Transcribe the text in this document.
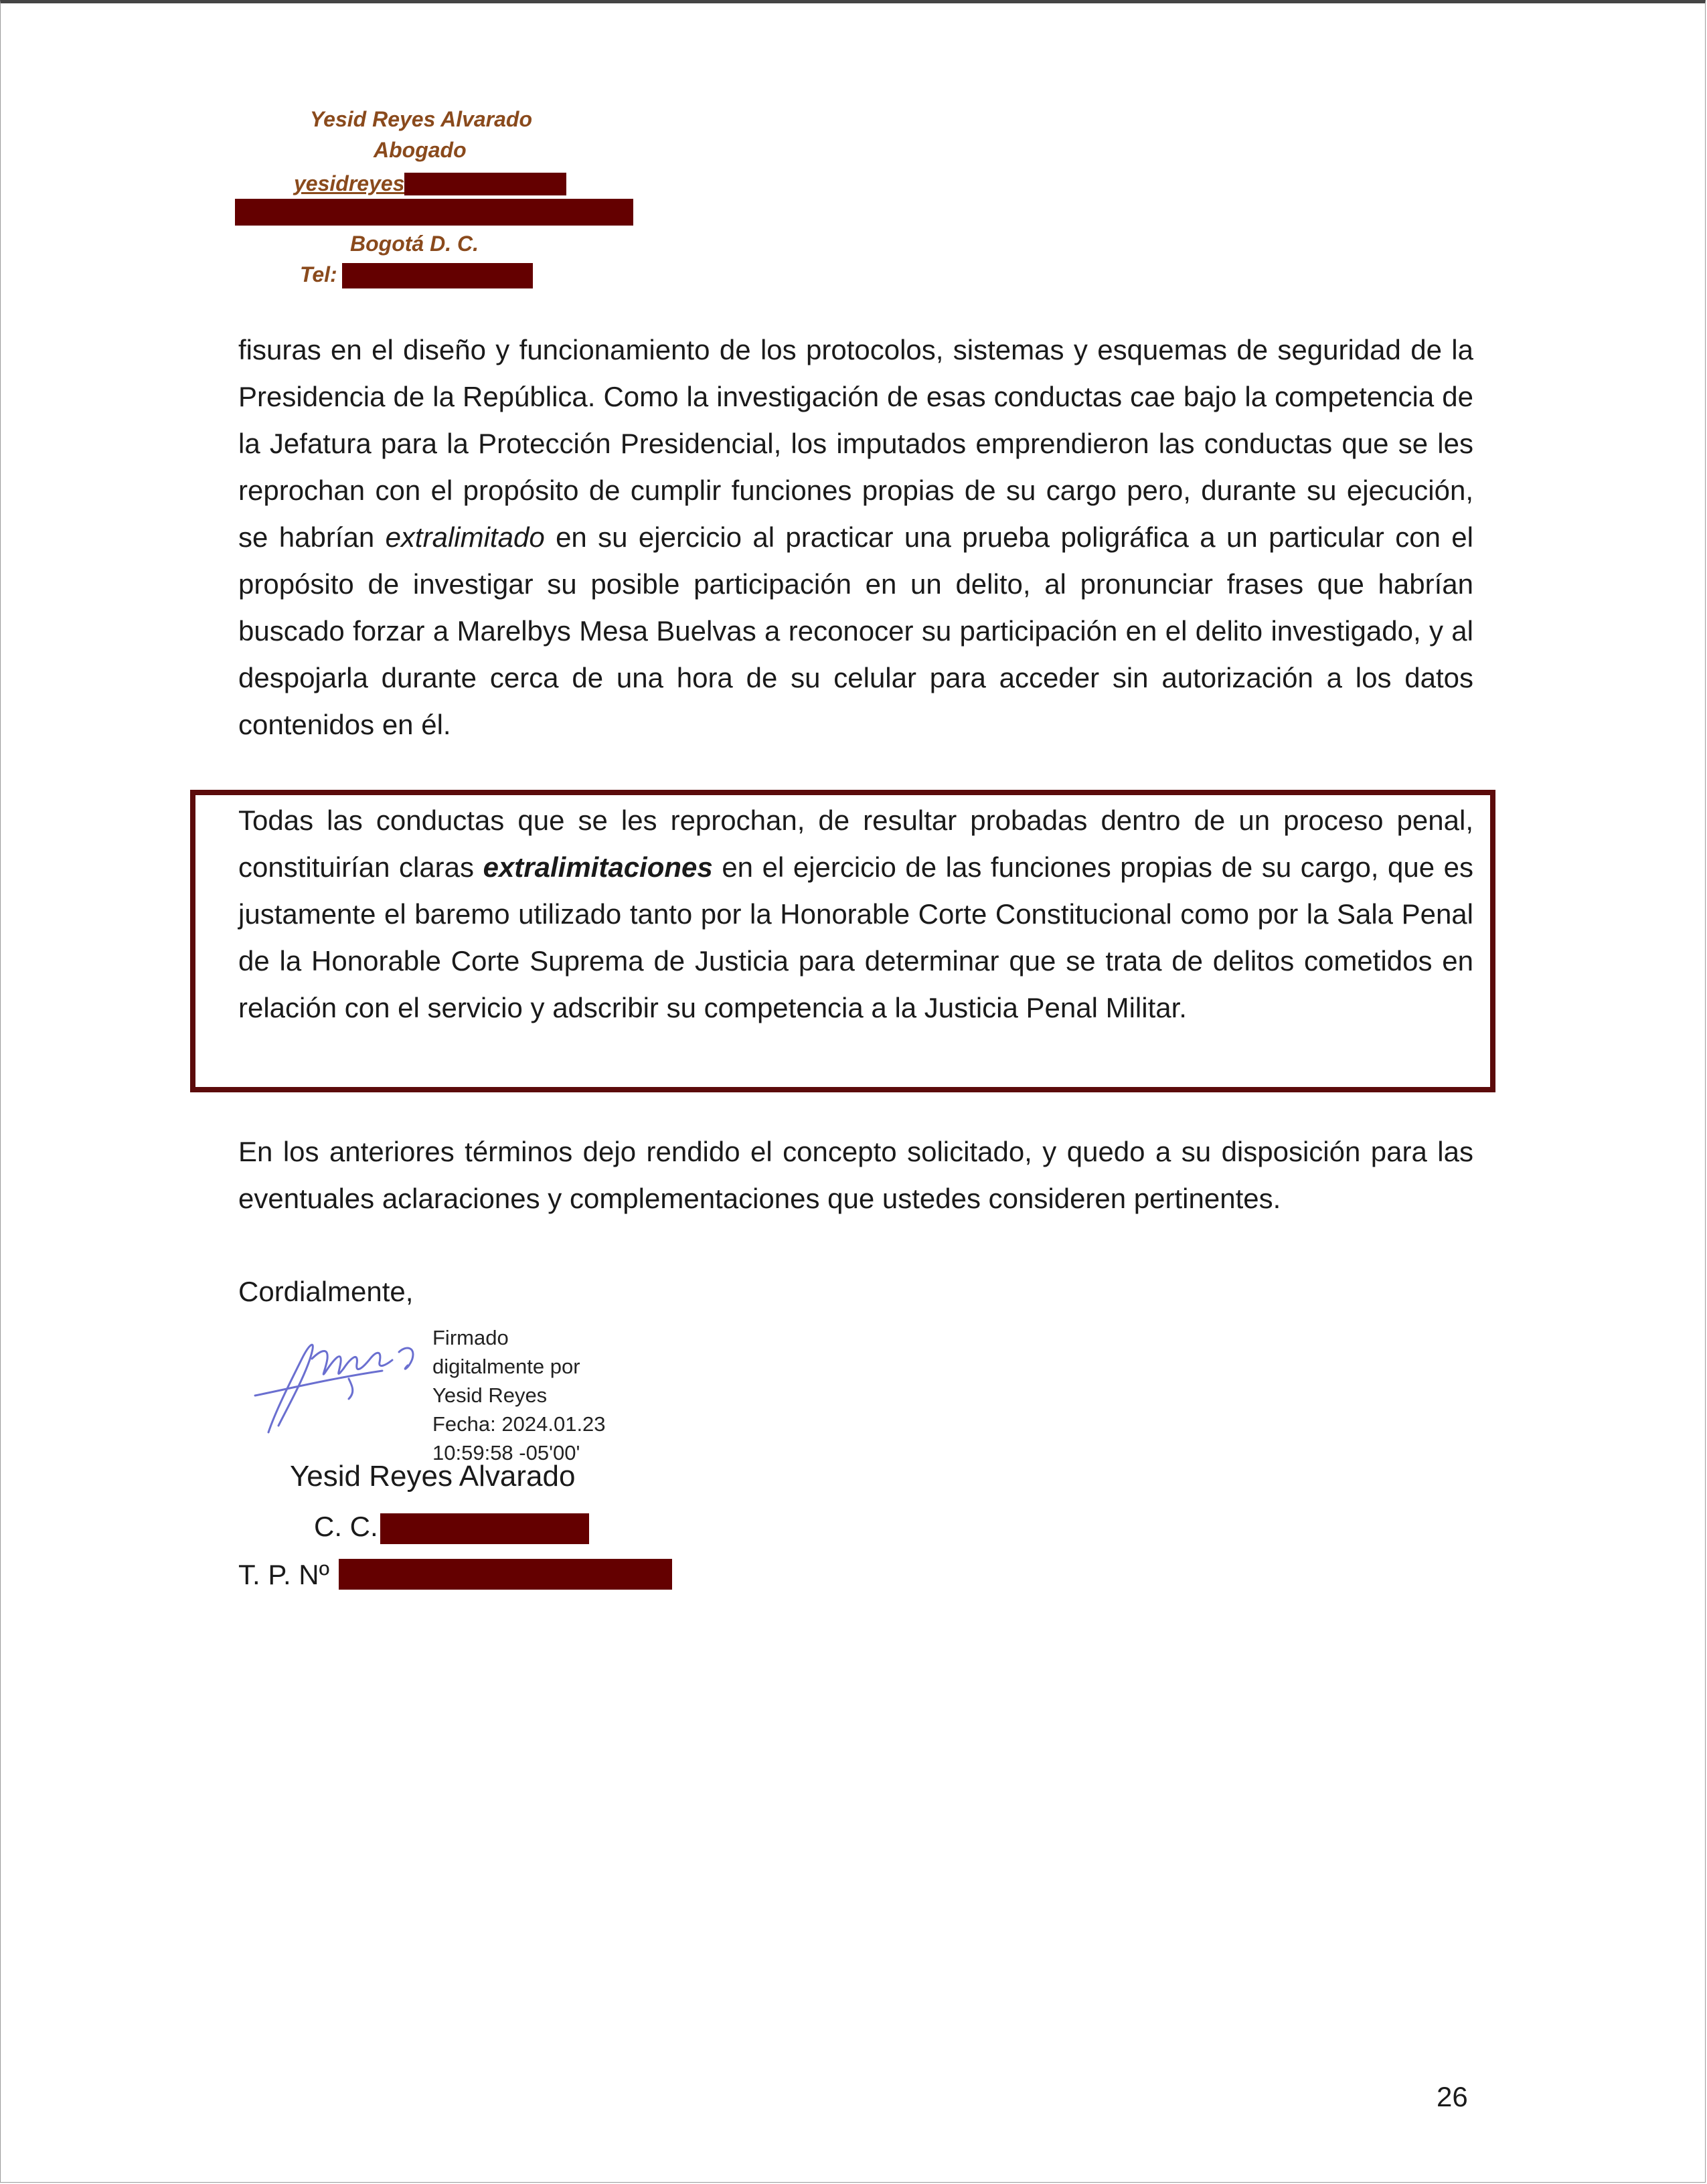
Yesid Reyes Alvarado
Abogado
yesidreyes
Bogotá D. C.
Tel:
fisuras en el diseño y funcionamiento de los protocolos, sistemas y esquemas de seguridad de la Presidencia de la República. Como la investigación de esas conductas cae bajo la competencia de la Jefatura para la Protección Presidencial, los imputados emprendieron las conductas que se les reprochan con el propósito de cumplir funciones propias de su cargo pero, durante su ejecución, se habrían extralimitado en su ejercicio al practicar una prueba poligráfica a un particular con el propósito de investigar su posible participación en un delito, al pronunciar frases que habrían buscado forzar a Marelbys Mesa Buelvas a reconocer su participación en el delito investigado, y al despojarla durante cerca de una hora de su celular para acceder sin autorización a los datos contenidos en él.
Todas las conductas que se les reprochan, de resultar probadas dentro de un proceso penal, constituirían claras extralimitaciones en el ejercicio de las funciones propias de su cargo, que es justamente el baremo utilizado tanto por la Honorable Corte Constitucional como por la Sala Penal de la Honorable Corte Suprema de Justicia para determinar que se trata de delitos cometidos en relación con el servicio y adscribir su competencia a la Justicia Penal Militar.
En los anteriores términos dejo rendido el concepto solicitado, y quedo a su disposición para las eventuales aclaraciones y complementaciones que ustedes consideren pertinentes.
Cordialmente,
Firmado
digitalmente por
Yesid Reyes
Fecha: 2024.01.23
10:59:58 -05'00'
Yesid Reyes Alvarado
C. C.
T. P. Nº
26
